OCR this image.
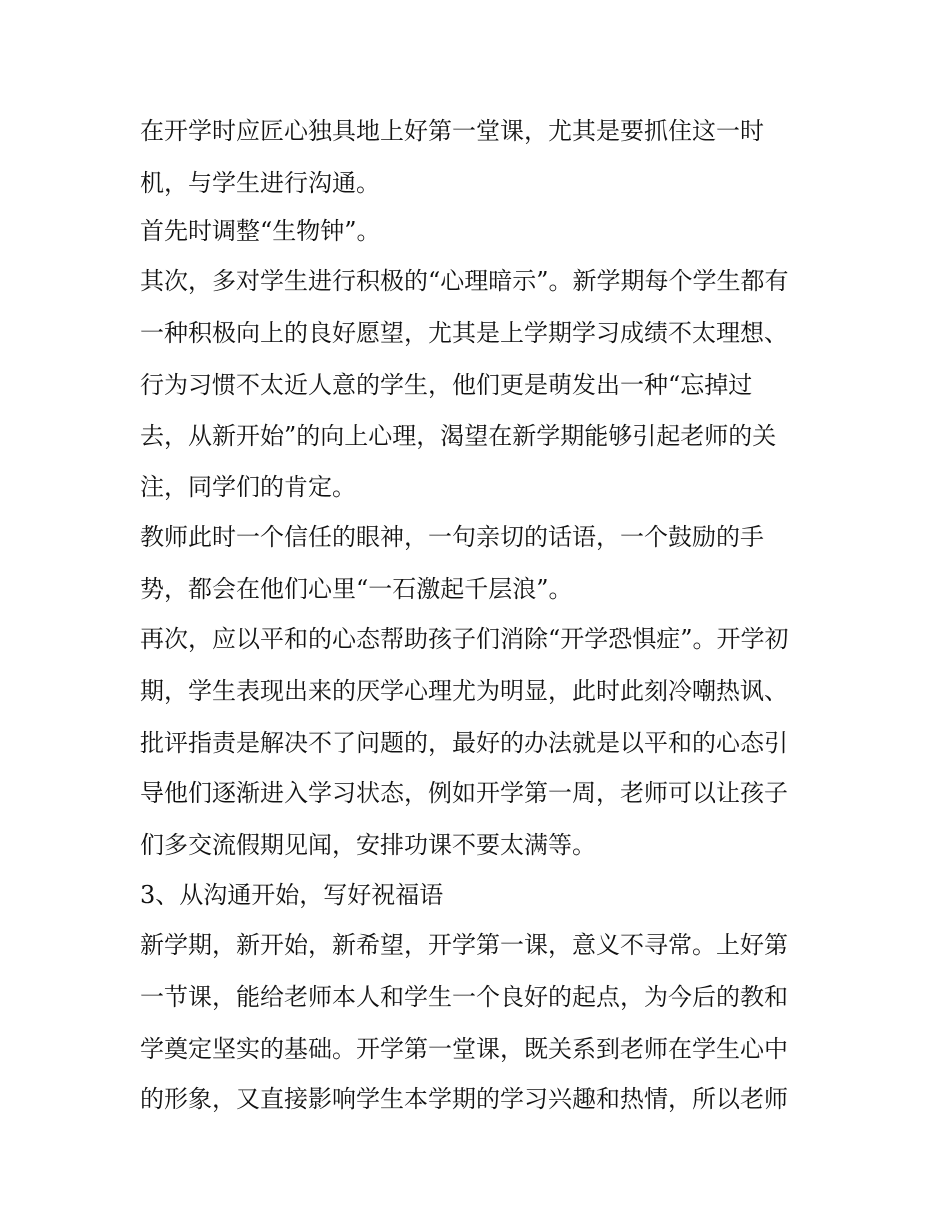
在开学时应匠心独具地上好第一堂课，尤其是要抓住这一时
机，与学生进行沟通。
首先时调整“生物钟”。
其次，多对学生进行积极的“心理暗示”。新学期每个学生都有
一种积极向上的良好愿望，尤其是上学期学习成绩不太理想、
行为习惯不太近人意的学生，他们更是萌发出一种“忘掉过
去，从新开始”的向上心理，渴望在新学期能够引起老师的关
注，同学们的肯定。
教师此时一个信任的眼神，一句亲切的话语，一个鼓励的手
势，都会在他们心里“一石激起千层浪”。
再次，应以平和的心态帮助孩子们消除“开学恐惧症”。开学初
期，学生表现出来的厌学心理尤为明显，此时此刻冷嘲热讽、
批评指责是解决不了问题的，最好的办法就是以平和的心态引
导他们逐渐进入学习状态，例如开学第一周，老师可以让孩子
们多交流假期见闻，安排功课不要太满等。
3、从沟通开始，写好祝福语
新学期，新开始，新希望，开学第一课，意义不寻常。上好第
一节课，能给老师本人和学生一个良好的起点，为今后的教和
学奠定坚实的基础。开学第一堂课，既关系到老师在学生心中
的形象，又直接影响学生本学期的学习兴趣和热情，所以老师
